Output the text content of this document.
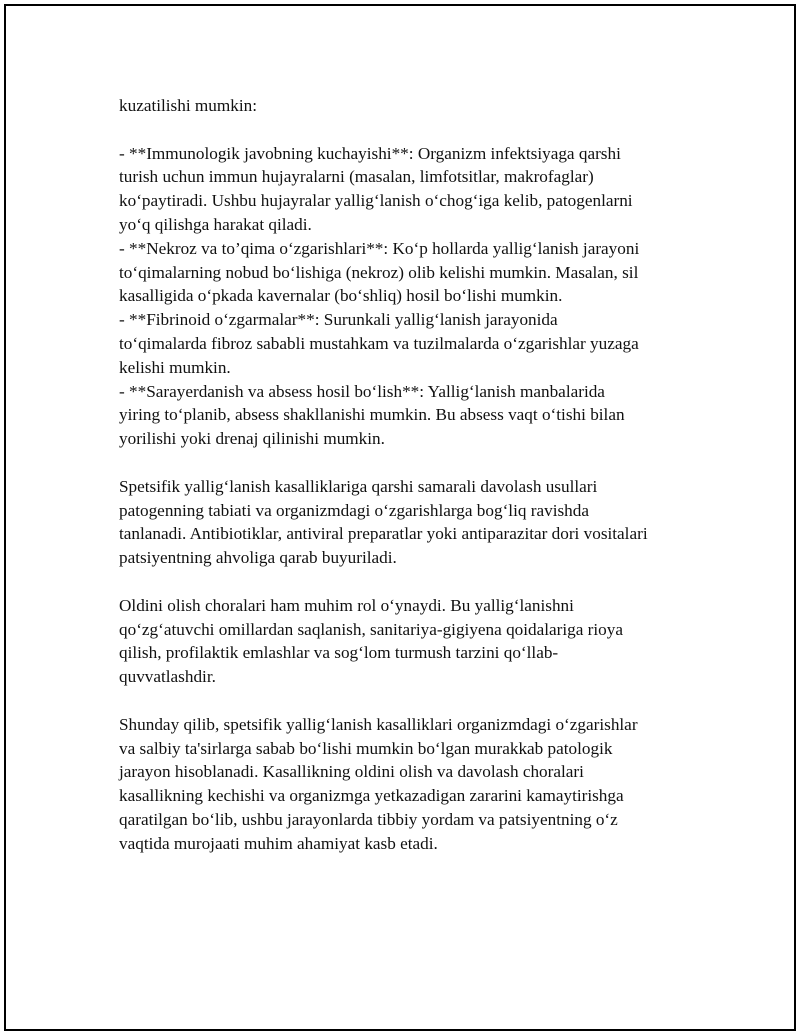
kuzatilishi mumkin:
- **Immunologik javobning kuchayishi**: Organizm infektsiyaga qarshi
turish uchun immun hujayralarni (masalan, limfotsitlar, makrofaglar)
koʻpaytiradi. Ushbu hujayralar yalligʻlanish oʻchogʻiga kelib, patogenlarni
yoʻq qilishga harakat qiladi.
- **Nekroz va to’qima oʻzgarishlari**: Koʻp hollarda yalligʻlanish jarayoni
toʻqimalarning nobud boʻlishiga (nekroz) olib kelishi mumkin. Masalan, sil
kasalligida oʻpkada kavernalar (boʻshliq) hosil boʻlishi mumkin.
- **Fibrinoid oʻzgarmalar**: Surunkali yalligʻlanish jarayonida
toʻqimalarda fibroz sababli mustahkam va tuzilmalarda oʻzgarishlar yuzaga
kelishi mumkin.
- **Sarayerdanish va absess hosil boʻlish**: Yalligʻlanish manbalarida
yiring toʻplanib, absess shakllanishi mumkin. Bu absess vaqt oʻtishi bilan
yorilishi yoki drenaj qilinishi mumkin.
Spetsifik yalligʻlanish kasalliklariga qarshi samarali davolash usullari
patogenning tabiati va organizmdagi oʻzgarishlarga bogʻliq ravishda
tanlanadi. Antibiotiklar, antiviral preparatlar yoki antiparazitar dori vositalari
patsiyentning ahvoliga qarab buyuriladi.
Oldini olish choralari ham muhim rol oʻynaydi. Bu yalligʻlanishni
qoʻzgʻatuvchi omillardan saqlanish, sanitariya-gigiyena qoidalariga rioya
qilish, profilaktik emlashlar va sogʻlom turmush tarzini qoʻllab-
quvvatlashdir.
Shunday qilib, spetsifik yalligʻlanish kasalliklari organizmdagi oʻzgarishlar
va salbiy ta'sirlarga sabab boʻlishi mumkin boʻlgan murakkab patologik
jarayon hisoblanadi. Kasallikning oldini olish va davolash choralari
kasallikning kechishi va organizmga yetkazadigan zararini kamaytirishga
qaratilgan boʻlib, ushbu jarayonlarda tibbiy yordam va patsiyentning oʻz
vaqtida murojaati muhim ahamiyat kasb etadi.
